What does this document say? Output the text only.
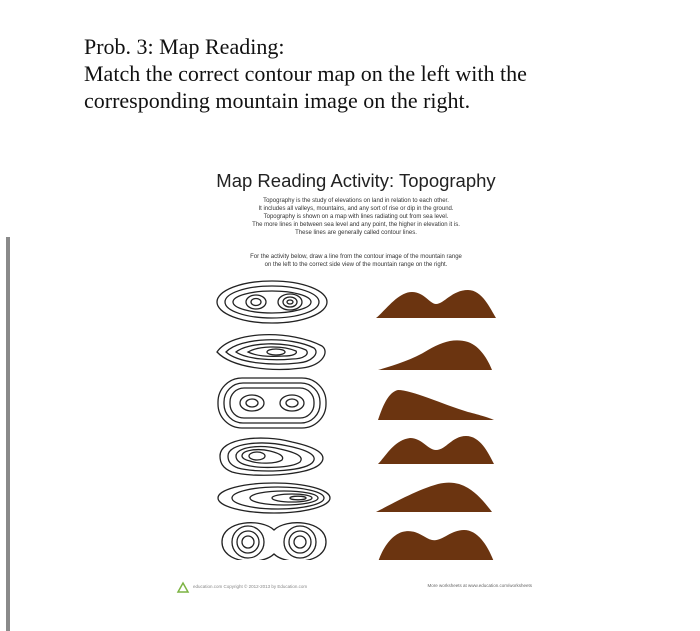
Prob. 3: Map Reading:
Match the correct contour map on the left with the
corresponding mountain image on the right.
Map Reading Activity: Topography
Topography is the study of elevations on land in relation to each other.
It includes all valleys, mountains, and any sort of rise or dip in the ground.
Topography is shown on a map with lines radiating out from sea level.
The more lines in between sea level and any point, the higher in elevation it is.
These lines are generally called contour lines.
For the activity below, draw a line from the contour image of the mountain range
on the left to the correct side view of the mountain range on the right.
education.com Copyright © 2012-2013 by Education.com	More worksheets at www.education.com/worksheets
